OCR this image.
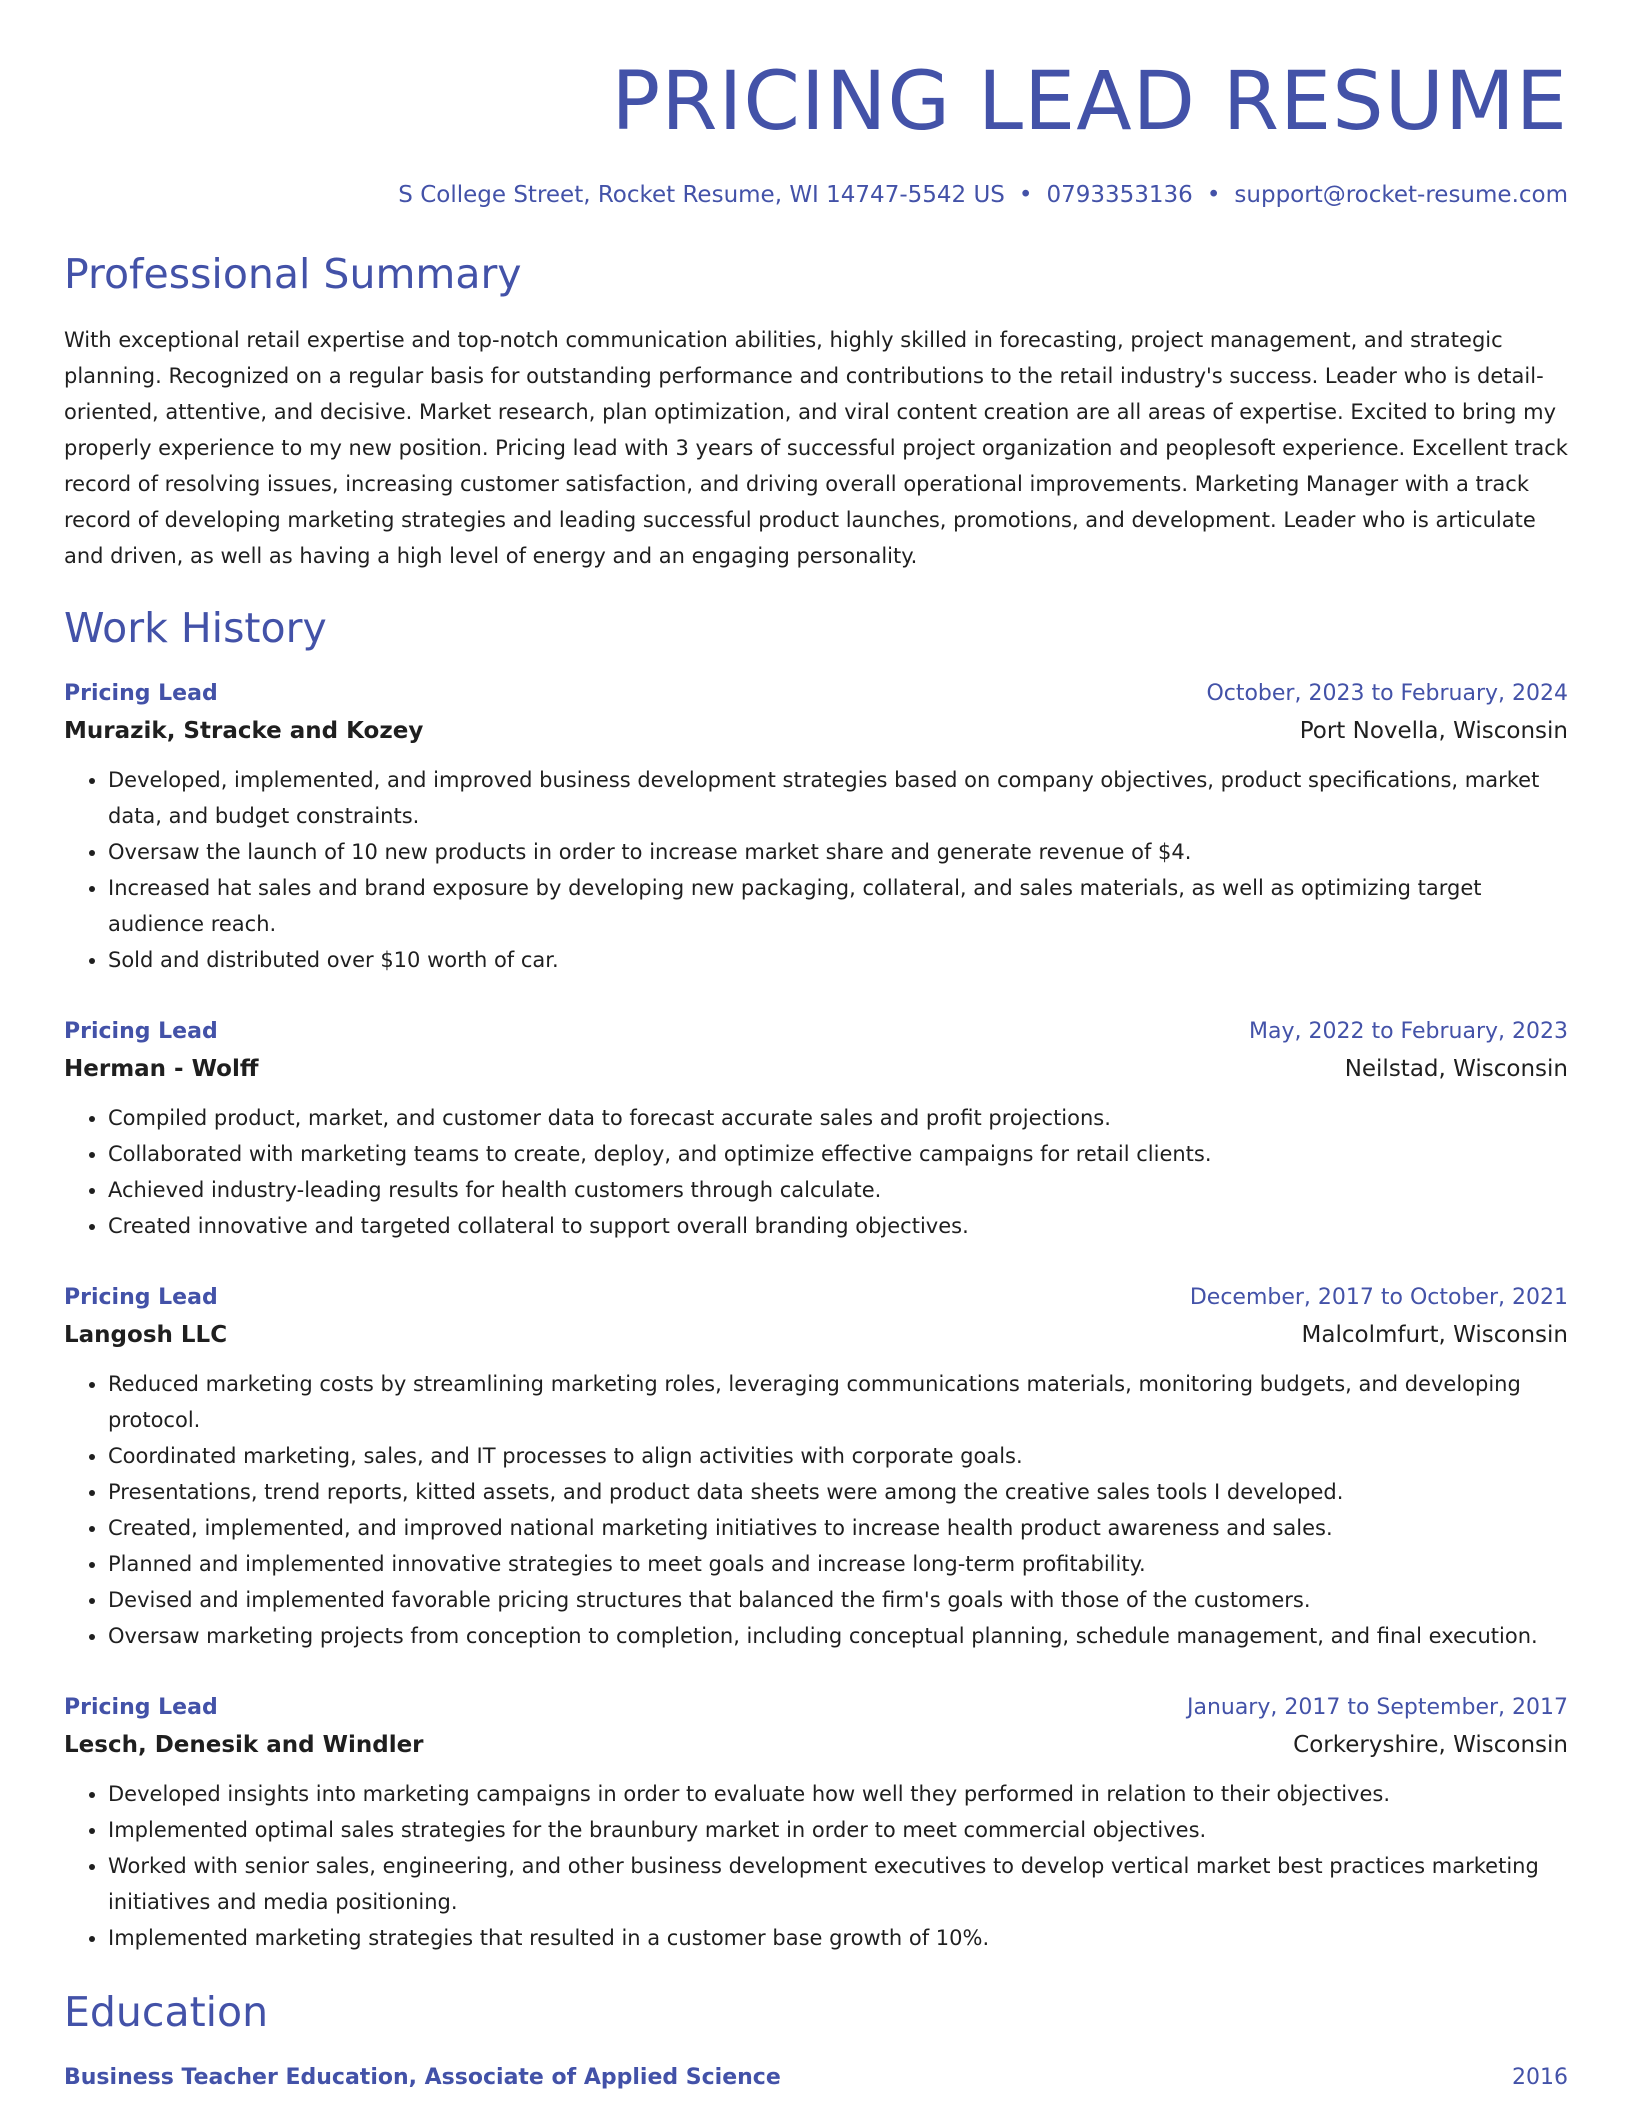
PRICING LEAD RESUME
S College Street, Rocket Resume, WI 14747-5542 US • 0793353136 • support@rocket-resume.com
Professional Summary

With exceptional retail expertise and top-notch communication abilities, highly skilled in forecasting, project management, and strategic planning. Recognized on a regular basis for outstanding performance and contributions to the retail industry's success. Leader who is detail-oriented, attentive, and decisive. Market research, plan optimization, and viral content creation are all areas of expertise. Excited to bring my properly experience to my new position. Pricing lead with 3 years of successful project organization and peoplesoft experience. Excellent track record of resolving issues, increasing customer satisfaction, and driving overall operational improvements. Marketing Manager with a track record of developing marketing strategies and leading successful product launches, promotions, and development. Leader who is articulate and driven, as well as having a high level of energy and an engaging personality.

Work History
Pricing Lead	October, 2023 to February, 2024
Murazik, Stracke and Kozey	Port Novella, Wisconsin
• Developed, implemented, and improved business development strategies based on company objectives, product specifications, market data, and budget constraints.
• Oversaw the launch of 10 new products in order to increase market share and generate revenue of $4.
• Increased hat sales and brand exposure by developing new packaging, collateral, and sales materials, as well as optimizing target audience reach.
• Sold and distributed over $10 worth of car.
Pricing Lead	May, 2022 to February, 2023
Herman - Wolff	Neilstad, Wisconsin
• Compiled product, market, and customer data to forecast accurate sales and profit projections.
• Collaborated with marketing teams to create, deploy, and optimize effective campaigns for retail clients.
• Achieved industry-leading results for health customers through calculate.
• Created innovative and targeted collateral to support overall branding objectives.
Pricing Lead	December, 2017 to October, 2021
Langosh LLC	Malcolmfurt, Wisconsin
• Reduced marketing costs by streamlining marketing roles, leveraging communications materials, monitoring budgets, and developing protocol.
• Coordinated marketing, sales, and IT processes to align activities with corporate goals.
• Presentations, trend reports, kitted assets, and product data sheets were among the creative sales tools I developed.
• Created, implemented, and improved national marketing initiatives to increase health product awareness and sales.
• Planned and implemented innovative strategies to meet goals and increase long-term profitability.
• Devised and implemented favorable pricing structures that balanced the firm's goals with those of the customers.
• Oversaw marketing projects from conception to completion, including conceptual planning, schedule management, and final execution.
Pricing Lead	January, 2017 to September, 2017
Lesch, Denesik and Windler	Corkeryshire, Wisconsin
• Developed insights into marketing campaigns in order to evaluate how well they performed in relation to their objectives.
• Implemented optimal sales strategies for the braunbury market in order to meet commercial objectives.
• Worked with senior sales, engineering, and other business development executives to develop vertical market best practices marketing initiatives and media positioning.
• Implemented marketing strategies that resulted in a customer base growth of 10%.
Education
Business Teacher Education, Associate of Applied Science	2016
